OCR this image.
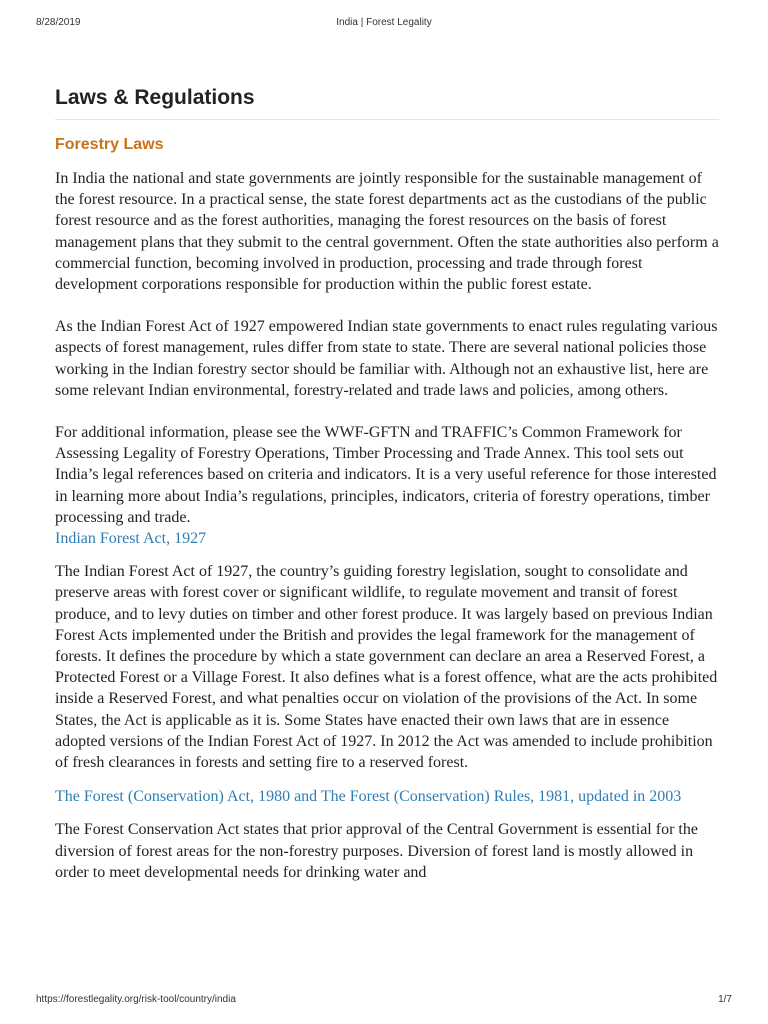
8/28/2019	India | Forest Legality
Laws & Regulations
Forestry Laws

In India the national and state governments are jointly responsible for the sustainable management of the forest resource. In a practical sense, the state forest departments act as the custodians of the public forest resource and as the forest authorities, managing the forest resources on the basis of forest management plans that they submit to the central government. Often the state authorities also perform a commercial function, becoming involved in production, processing and trade through forest development corporations responsible for production within the public forest estate.

As the Indian Forest Act of 1927 empowered Indian state governments to enact rules regulating various aspects of forest management, rules differ from state to state. There are several national policies those working in the Indian forestry sector should be familiar with. Although not an exhaustive list, here are some relevant Indian environmental, forestry-related and trade laws and policies, among others.

For additional information, please see the WWF-GFTN and TRAFFIC’s Common Framework for Assessing Legality of Forestry Operations, Timber Processing and Trade Annex. This tool sets out India’s legal references based on criteria and indicators. It is a very useful reference for those interested in learning more about India’s regulations, principles, indicators, criteria of forestry operations, timber processing and trade.

Indian Forest Act, 1927

The Indian Forest Act of 1927, the country’s guiding forestry legislation, sought to consolidate and preserve areas with forest cover or significant wildlife, to regulate movement and transit of forest produce, and to levy duties on timber and other forest produce. It was largely based on previous Indian Forest Acts implemented under the British and provides the legal framework for the management of forests. It defines the procedure by which a state government can declare an area a Reserved Forest, a Protected Forest or a Village Forest. It also defines what is a forest offence, what are the acts prohibited inside a Reserved Forest, and what penalties occur on violation of the provisions of the Act. In some States, the Act is applicable as it is. Some States have enacted their own laws that are in essence adopted versions of the Indian Forest Act of 1927. In 2012 the Act was amended to include prohibition of fresh clearances in forests and setting fire to a reserved forest.

The Forest (Conservation) Act, 1980 and The Forest (Conservation) Rules, 1981, updated in 2003

The Forest Conservation Act states that prior approval of the Central Government is essential for the diversion of forest areas for the non-forestry purposes. Diversion of forest land is mostly allowed in order to meet developmental needs for drinking water and

https://forestlegality.org/risk-tool/country/india	1/7
